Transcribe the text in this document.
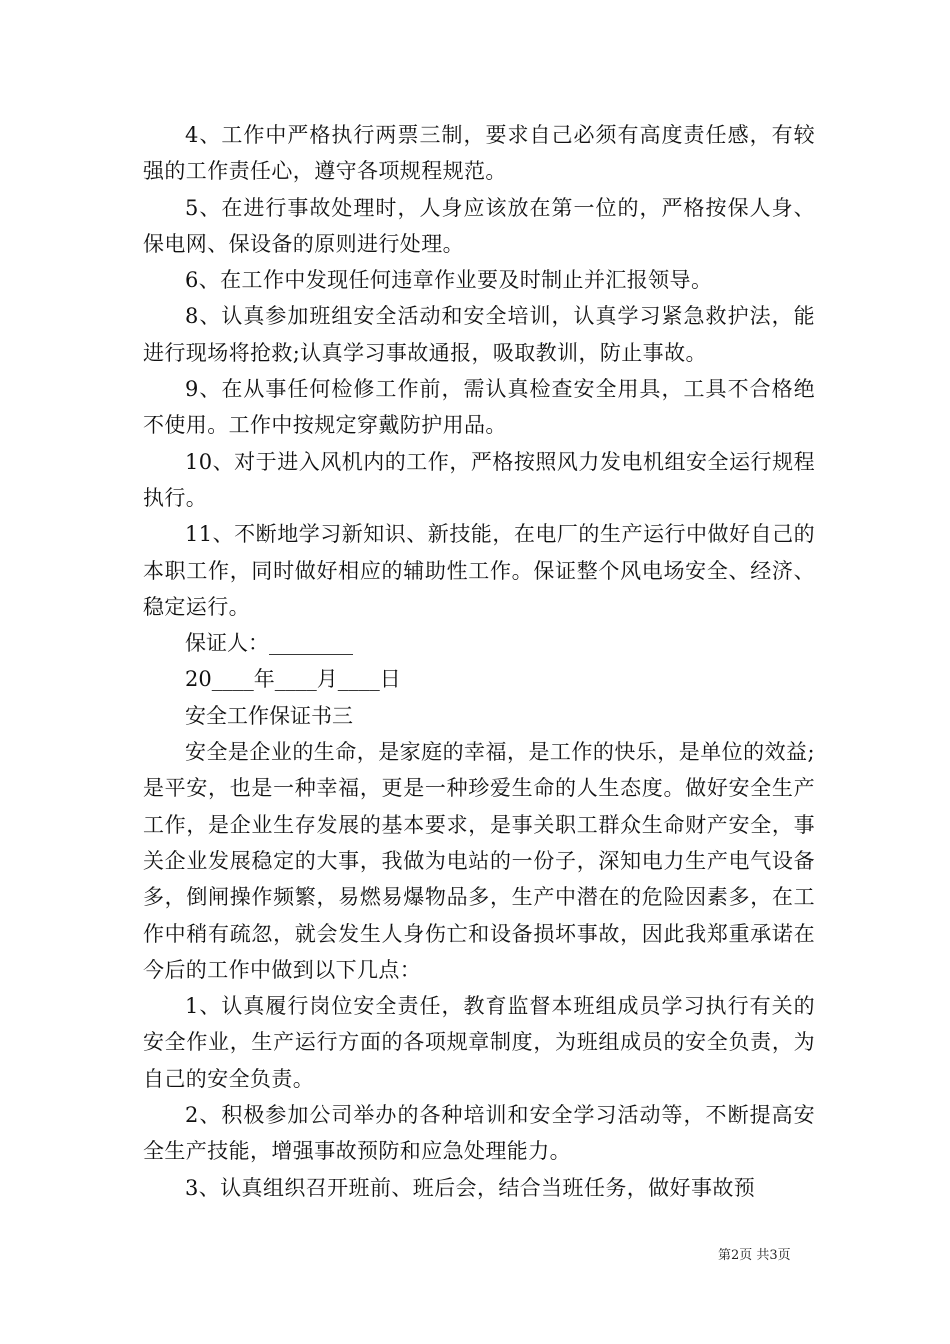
4、工作中严格执行两票三制，要求自己必须有高度责任感，有较强的工作责任心，遵守各项规程规范。

5、在进行事故处理时，人身应该放在第一位的，严格按保人身、保电网、保设备的原则进行处理。

6、在工作中发现任何违章作业要及时制止并汇报领导。

8、认真参加班组安全活动和安全培训，认真学习紧急救护法，能进行现场将抢救;认真学习事故通报，吸取教训，防止事故。

9、在从事任何检修工作前，需认真检查安全用具，工具不合格绝不使用。工作中按规定穿戴防护用品。

10、对于进入风机内的工作，严格按照风力发电机组安全运行规程执行。

11、不断地学习新知识、新技能，在电厂的生产运行中做好自己的本职工作，同时做好相应的辅助性工作。保证整个风电场安全、经济、稳定运行。

保证人：________

20____年____月____日

安全工作保证书三

安全是企业的生命，是家庭的幸福，是工作的快乐，是单位的效益;是平安，也是一种幸福，更是一种珍爱生命的人生态度。做好安全生产工作，是企业生存发展的基本要求，是事关职工群众生命财产安全，事关企业发展稳定的大事，我做为电站的一份子，深知电力生产电气设备多，倒闸操作频繁，易燃易爆物品多，生产中潜在的危险因素多，在工作中稍有疏忽，就会发生人身伤亡和设备损坏事故，因此我郑重承诺在今后的工作中做到以下几点：

1、认真履行岗位安全责任，教育监督本班组成员学习执行有关的安全作业，生产运行方面的各项规章制度，为班组成员的安全负责，为自己的安全负责。

2、积极参加公司举办的各种培训和安全学习活动等，不断提高安全生产技能，增强事故预防和应急处理能力。

3、认真组织召开班前、班后会，结合当班任务，做好事故预

第2页 共3页
